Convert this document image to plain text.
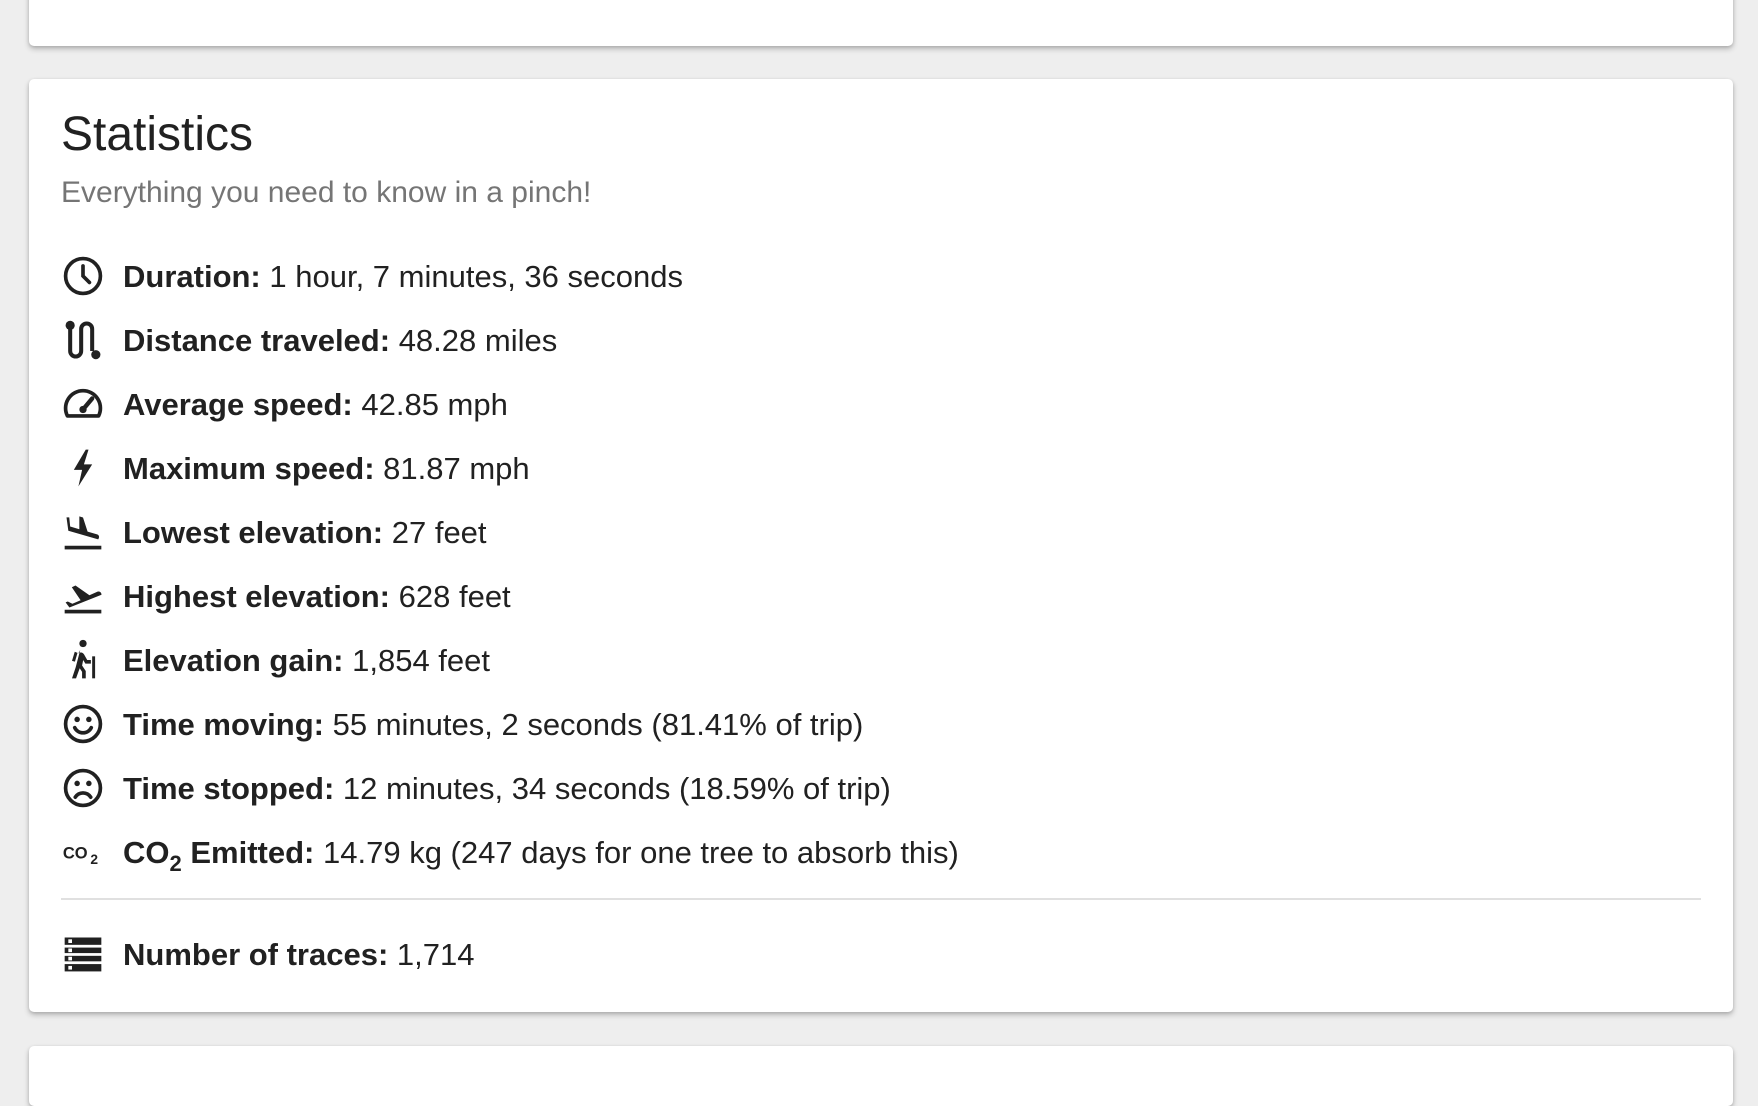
Statistics

Everything you need to know in a pinch!

Duration: 1 hour, 7 minutes, 36 seconds
Distance traveled: 48.28 miles
Average speed: 42.85 mph
Maximum speed: 81.87 mph
Lowest elevation: 27 feet
Highest elevation: 628 feet
Elevation gain: 1,854 feet
Time moving: 55 minutes, 2 seconds (81.41% of trip)
Time stopped: 12 minutes, 34 seconds (18.59% of trip)
CO 2 $CO_2$ Emitted: 14.79 kg (247 days for one tree to absorb this)
Number of traces: 1,714
